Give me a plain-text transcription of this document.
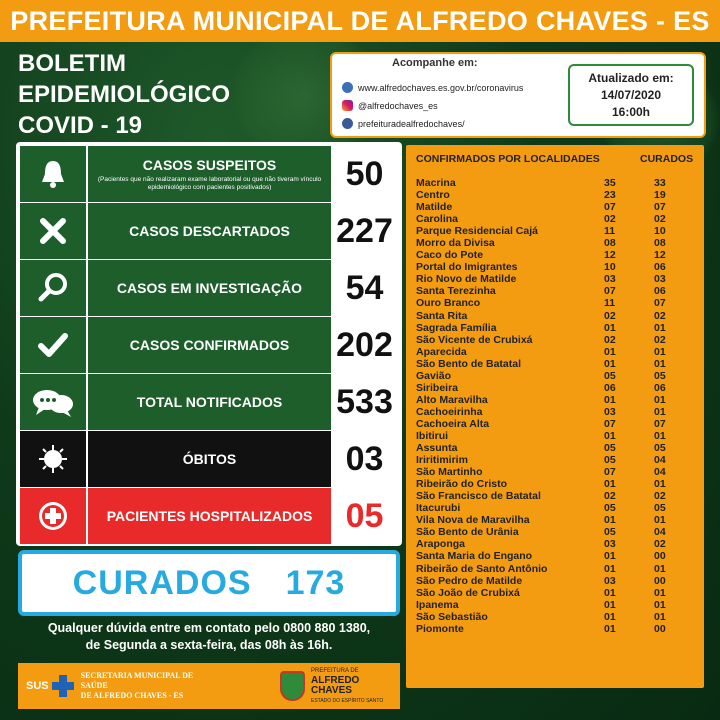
PREFEITURA MUNICIPAL DE ALFREDO CHAVES - ES
BOLETIM
EPIDEMIOLÓGICO
COVID - 19
Acompanhe em:
www.alfredochaves.es.gov.br/coronavirus
@alfredochaves_es
prefeituradealfredochaves/
Atualizado em:
14/07/2020
16:00h
CASOS SUSPEITOS
(Pacientes que não realizaram exame laboratorial ou que não tiveram vínculo epidemiológico com pacientes positivados)	50
CASOS DESCARTADOS 227
CASOS EM INVESTIGAÇÃO	54
CASOS CONFIRMADOS 202
TOTAL NOTIFICADOS 533
ÓBITOS	03
PACIENTES HOSPITALIZADOS 05
CURADOS 173
Qualquer dúvida entre em contato pelo 0800 880 1380,
de Segunda a sexta-feira, das 08h às 16h.
SUS
SECRETARIA MUNICIPAL DE SAÚDE
DE ALFREDO CHAVES - ES
PREFEITURA DE
ALFREDO CHAVES
ESTADO DO ESPÍRITO SANTO
CONFIRMADOS POR LOCALIDADES	CURADOS
Macrina	35	33
Centro	23	19
Matilde	07	07
Carolina	02	02
Parque Residencial Cajá	11	10
Morro da Divisa	08	08
Caco do Pote	12	12
Portal do Imigrantes	10	06
Rio Novo de Matilde	03	03
Santa Terezinha	07	06
Ouro Branco	11	07
Santa Rita	02	02
Sagrada Família	01	01
São Vicente de Crubixá	02	02
Aparecida	01	01
São Bento de Batatal	01	01
Gavião	05	05
Siribeira	06	06
Alto Maravilha	01	01
Cachoeirinha	03	01
Cachoeira Alta	07	07
Ibitirui	01	01
Assunta	05	05
Iriritimirim	05	04
São Martinho	07	04
Ribeirão do Cristo	01	01
São Francisco de Batatal	02	02
Itacurubi	05	05
Vila Nova de Maravilha	01	01
São Bento de Urânia	05	04
Araponga	03	02
Santa Maria do Engano	01	00
Ribeirão de Santo Antônio	01	01
São Pedro de Matilde	03	00
São João de Crubixá	01	01
Ipanema	01	01
São Sebastião	01	01
Piomonte	01	00
